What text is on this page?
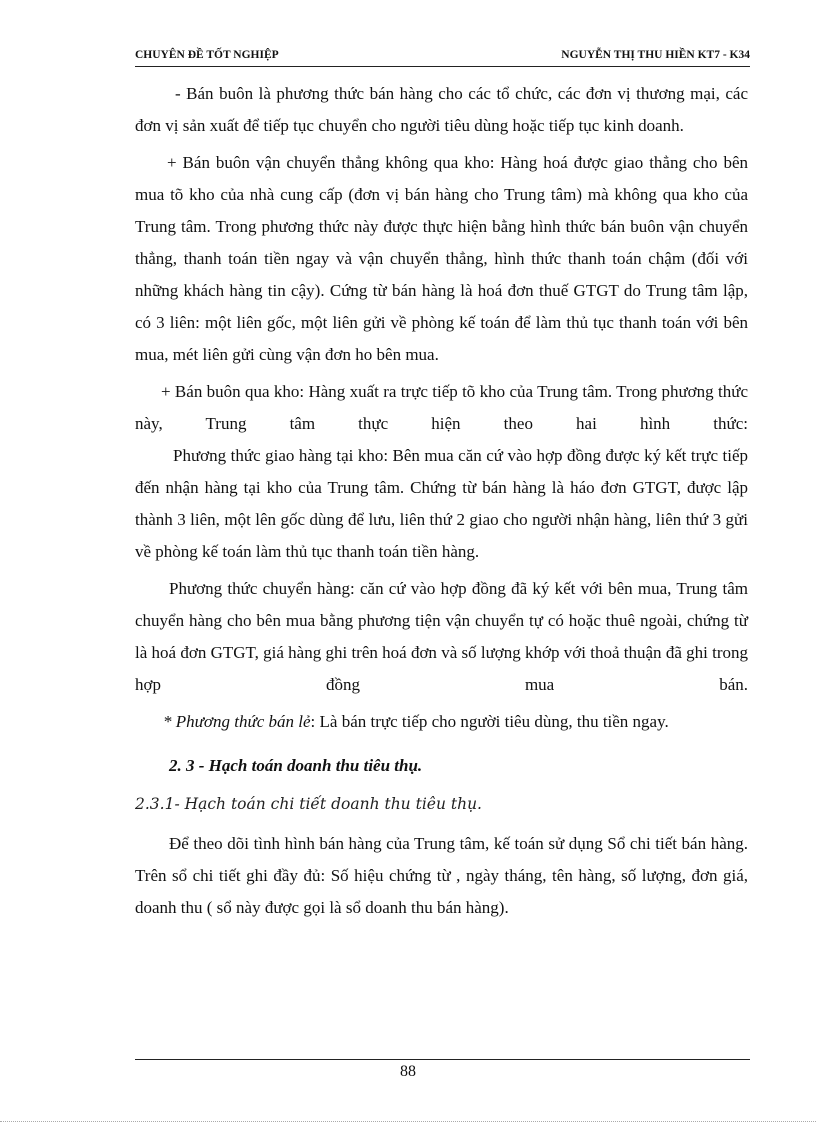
CHUYÊN ĐỀ TỐT NGHIỆP	NGUYỄN THỊ THU HIỀN KT7 - K34

- Bán buôn là phương thức bán hàng cho các tổ chức, các đơn vị thương mại, các đơn vị sản xuất để tiếp tục chuyển cho người tiêu dùng hoặc tiếp tục kinh doanh.

+ Bán buôn vận chuyển thẳng không qua kho: Hàng hoá được giao thẳng cho bên mua tõ kho của nhà cung cấp (đơn vị bán hàng cho Trung tâm) mà không qua kho của Trung tâm. Trong phương thức này được thực hiện bằng hình thức bán buôn vận chuyển thẳng, thanh toán tiền ngay và vận chuyển thẳng, hình thức thanh toán chậm (đối với những khách hàng tin cậy). Cứng từ bán hàng là hoá đơn thuế GTGT do Trung tâm lập, có 3 liên: một liên gốc, một liên gửi về phòng kế toán để làm thủ tục thanh toán với bên mua, mét liên gửi cùng vận đơn ho bên mua.

+ Bán buôn qua kho: Hàng xuất ra trực tiếp tõ kho của Trung tâm. Trong phương thức này, Trung tâm thực hiện theo hai hình thức:

Phương thức giao hàng tại kho: Bên mua căn cứ vào hợp đồng được ký kết trực tiếp đến nhận hàng tại kho của Trung tâm. Chứng từ bán hàng là háo đơn GTGT, được lập thành 3 liên, một lên gốc dùng để lưu, liên thứ 2 giao cho người nhận hàng, liên thứ 3 gửi về phòng kế toán làm thủ tục thanh toán tiền hàng.

Phương thức chuyển hàng: căn cứ vào hợp đồng đã ký kết với bên mua, Trung tâm chuyển hàng cho bên mua bằng phương tiện vận chuyển tự có hoặc thuê ngoài, chứng từ là hoá đơn GTGT, giá hàng ghi trên hoá đơn và số lượng khớp với thoả thuận đã ghi trong hợp đồng mua bán.

* Phương thức bán lẻ: Là bán trực tiếp cho người tiêu dùng, thu tiền ngay.

2. 3 - Hạch toán doanh thu tiêu thụ.

2.3.1- Hạch toán chi tiết doanh thu tiêu thụ.

Để theo dõi tình hình bán hàng của Trung tâm, kế toán sử dụng Sổ chi tiết bán hàng. Trên sổ chi tiết ghi đầy đủ: Số hiệu chứng từ , ngày tháng, tên hàng, số lượng, đơn giá, doanh thu ( sổ này được gọi là sổ doanh thu bán hàng).

88
